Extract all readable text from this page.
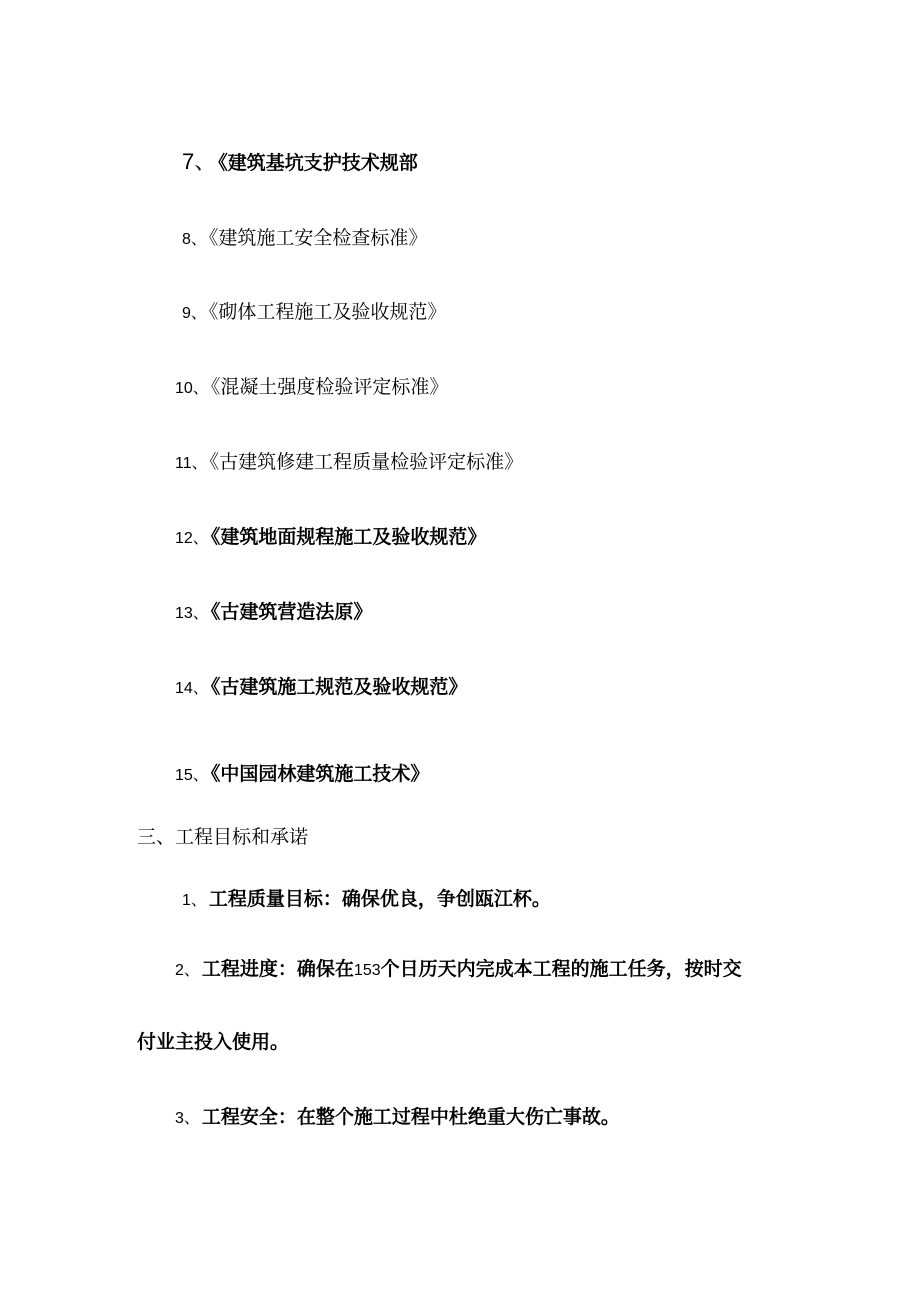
7、 《建筑基坑支护技术规部
8、 《建筑施工安全检查标准》
9、 《砌体工程施工及验收规范》
10、 《混凝土强度检验评定标准》
11、 《古建筑修建工程质量检验评定标准》
12、 《建筑地面规程施工及验收规范》
13、 《古建筑营造法原》
14、 《古建筑施工规范及验收规范》
15、 《中国园林建筑施工技术》
三、工程目标和承诺
1、 工程质量目标：确保优良，争创瓯江杯。
2、 工程进度：确保在153个日历天内完成本工程的施工任务，按时交
付业主投入使用。
3、 工程安全：在整个施工过程中杜绝重大伤亡事故。
